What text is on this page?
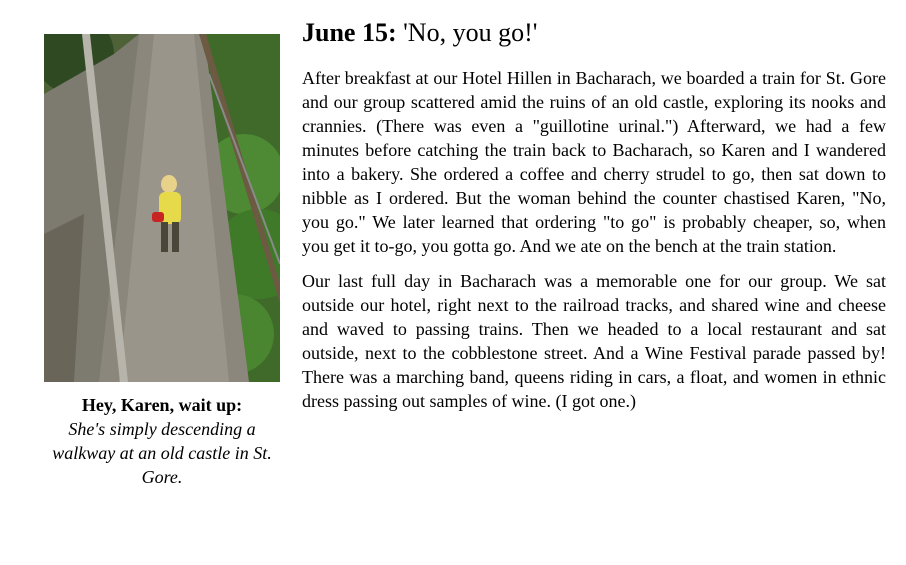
Hey, Karen, wait up:
She's simply descending a walkway at an old castle in St. Gore.
June 15: 'No, you go!'

After breakfast at our Hotel Hillen in Bacharach, we boarded a train for St. Gore and our group scattered amid the ruins of an old castle, exploring its nooks and crannies. (There was even a "guillotine urinal.") Afterward, we had a few minutes before catching the train back to Bacharach, so Karen and I wandered into a bakery. She ordered a coffee and cherry strudel to go, then sat down to nibble as I ordered. But the woman behind the counter chastised Karen, "No, you go." We later learned that ordering "to go" is probably cheaper, so, when you get it to-go, you gotta go. And we ate on the bench at the train station.

Our last full day in Bacharach was a memorable one for our group. We sat outside our hotel, right next to the railroad tracks, and shared wine and cheese and waved to passing trains. Then we headed to a local restaurant and sat outside, next to the cobblestone street. And a Wine Festival parade passed by! There was a marching band, queens riding in cars, a float, and women in ethnic dress passing out samples of wine. (I got one.)
